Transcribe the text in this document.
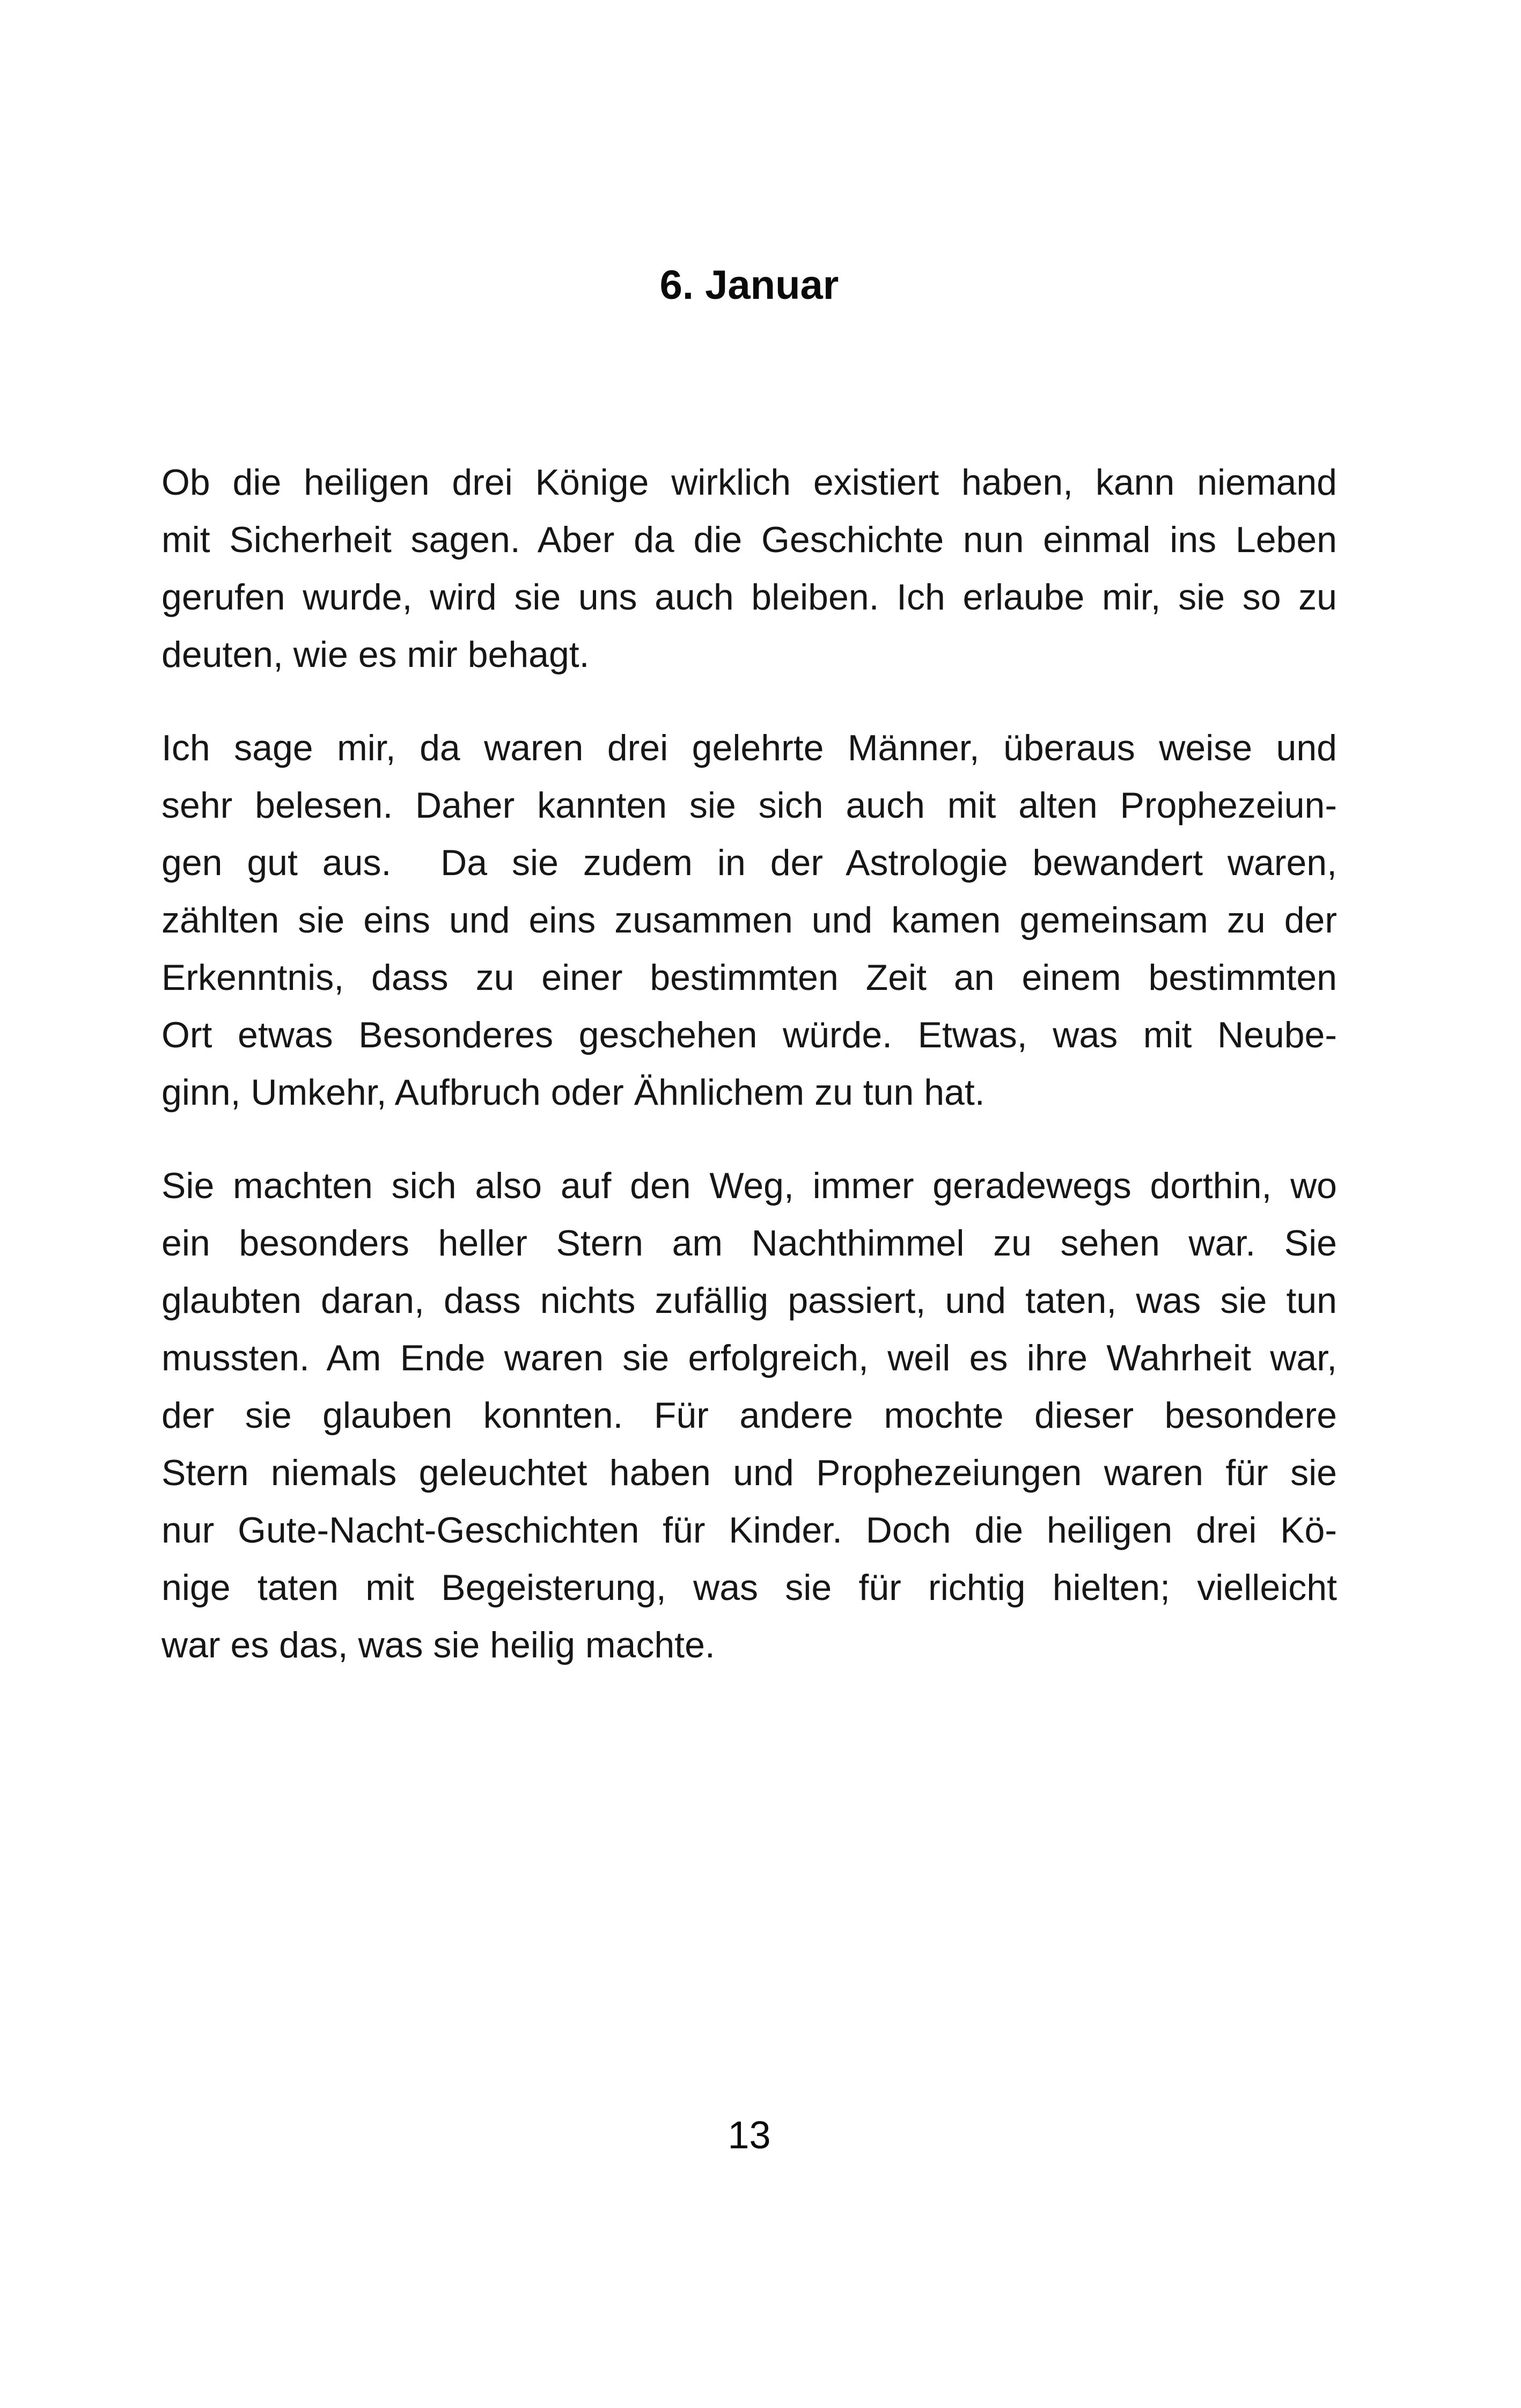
6. Januar
Ob die heiligen drei Könige wirklich existiert haben, kann niemand
mit Sicherheit sagen. Aber da die Geschichte nun einmal ins Leben
gerufen wurde, wird sie uns auch bleiben. Ich erlaube mir, sie so zu
deuten, wie es mir behagt.
Ich sage mir, da waren drei gelehrte Männer, überaus weise und
sehr belesen. Daher kannten sie sich auch mit alten Prophezeiun-
gen gut aus.  Da sie zudem in der Astrologie bewandert waren,
zählten sie eins und eins zusammen und kamen gemeinsam zu der
Erkenntnis, dass zu einer bestimmten Zeit an einem bestimmten
Ort etwas Besonderes geschehen würde. Etwas, was mit Neube-
ginn, Umkehr, Aufbruch oder Ähnlichem zu tun hat.
Sie machten sich also auf den Weg, immer geradewegs dorthin, wo
ein besonders heller Stern am Nachthimmel zu sehen war. Sie
glaubten daran, dass nichts zufällig passiert, und taten, was sie tun
mussten. Am Ende waren sie erfolgreich, weil es ihre Wahrheit war,
der sie glauben konnten. Für andere mochte dieser besondere
Stern niemals geleuchtet haben und Prophezeiungen waren für sie
nur Gute-Nacht-Geschichten für Kinder. Doch die heiligen drei Kö-
nige taten mit Begeisterung, was sie für richtig hielten; vielleicht
war es das, was sie heilig machte.
13
